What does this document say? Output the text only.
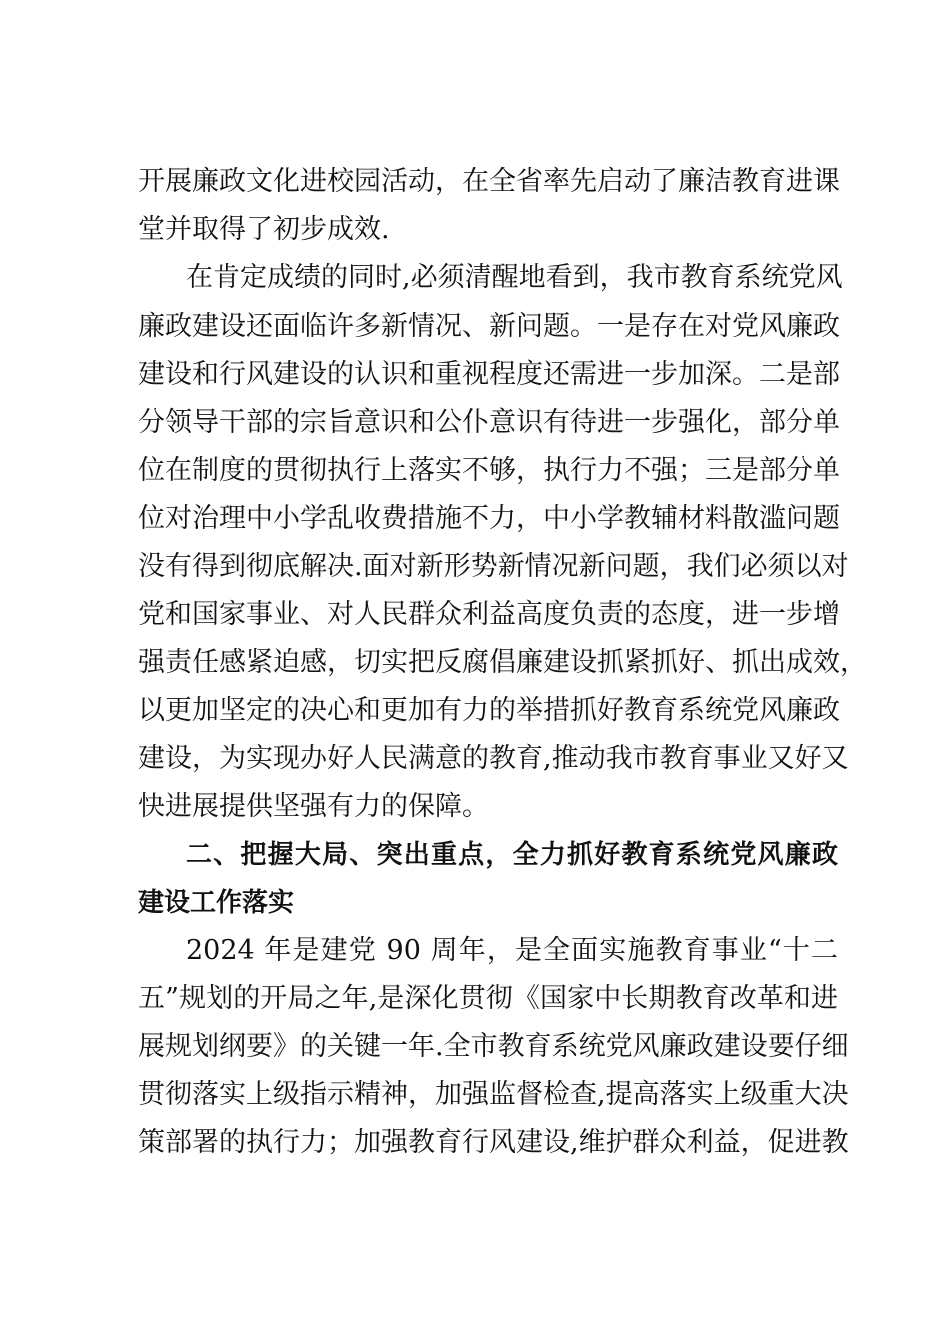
开展廉政文化进校园活动，在全省率先启动了廉洁教育进课
堂并取得了初步成效.
在肯定成绩的同时,必须清醒地看到，我市教育系统党风
廉政建设还面临许多新情况、新问题。一是存在对党风廉政
建设和行风建设的认识和重视程度还需进一步加深。二是部
分领导干部的宗旨意识和公仆意识有待进一步强化，部分单
位在制度的贯彻执行上落实不够，执行力不强；三是部分单
位对治理中小学乱收费措施不力，中小学教辅材料散滥问题
没有得到彻底解决.面对新形势新情况新问题，我们必须以对
党和国家事业、对人民群众利益高度负责的态度，进一步增
强责任感紧迫感，切实把反腐倡廉建设抓紧抓好、抓出成效，
以更加坚定的决心和更加有力的举措抓好教育系统党风廉政
建设，为实现办好人民满意的教育,推动我市教育事业又好又
快进展提供坚强有力的保障。
二、把握大局、突出重点，全力抓好教育系统党风廉政
建设工作落实
2024 年是建党 90 周年，是全面实施教育事业“十二
五”规划的开局之年,是深化贯彻《国家中长期教育改革和进
展规划纲要》的关键一年.全市教育系统党风廉政建设要仔细
贯彻落实上级指示精神，加强监督检查,提高落实上级重大决
策部署的执行力；加强教育行风建设,维护群众利益，促进教
